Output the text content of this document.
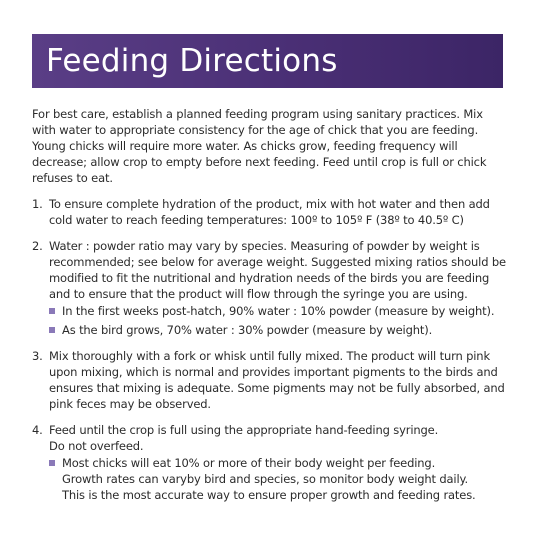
Feeding Directions

For best care, establish a planned feeding program using sanitary practices. Mix with water to appropriate consistency for the age of chick that you are feeding. Young chicks will require more water. As chicks grow, feeding frequency will decrease; allow crop to empty before next feeding. Feed until crop is full or chick refuses to eat.

1. To ensure complete hydration of the product, mix with hot water and then add cold water to reach feeding temperatures: 100º to 105º F (38º to 40.5º C)
2. Water : powder ratio may vary by species. Measuring of powder by weight is recommended; see below for average weight. Suggested mixing ratios should be modified to fit the nutritional and hydration needs of the birds you are feeding and to ensure that the product will flow through the syringe you are using.
In the first weeks post-hatch, 90% water : 10% powder (measure by weight).
As the bird grows, 70% water : 30% powder (measure by weight).
3. Mix thoroughly with a fork or whisk until fully mixed. The product will turn pink upon mixing, which is normal and provides important pigments to the birds and ensures that mixing is adequate. Some pigments may not be fully absorbed, and pink feces may be observed.
4. Feed until the crop is full using the appropriate hand-feeding syringe.
Do not overfeed.
Most chicks will eat 10% or more of their body weight per feeding.
Growth rates can varyby bird and species, so monitor body weight daily.
This is the most accurate way to ensure proper growth and feeding rates.
